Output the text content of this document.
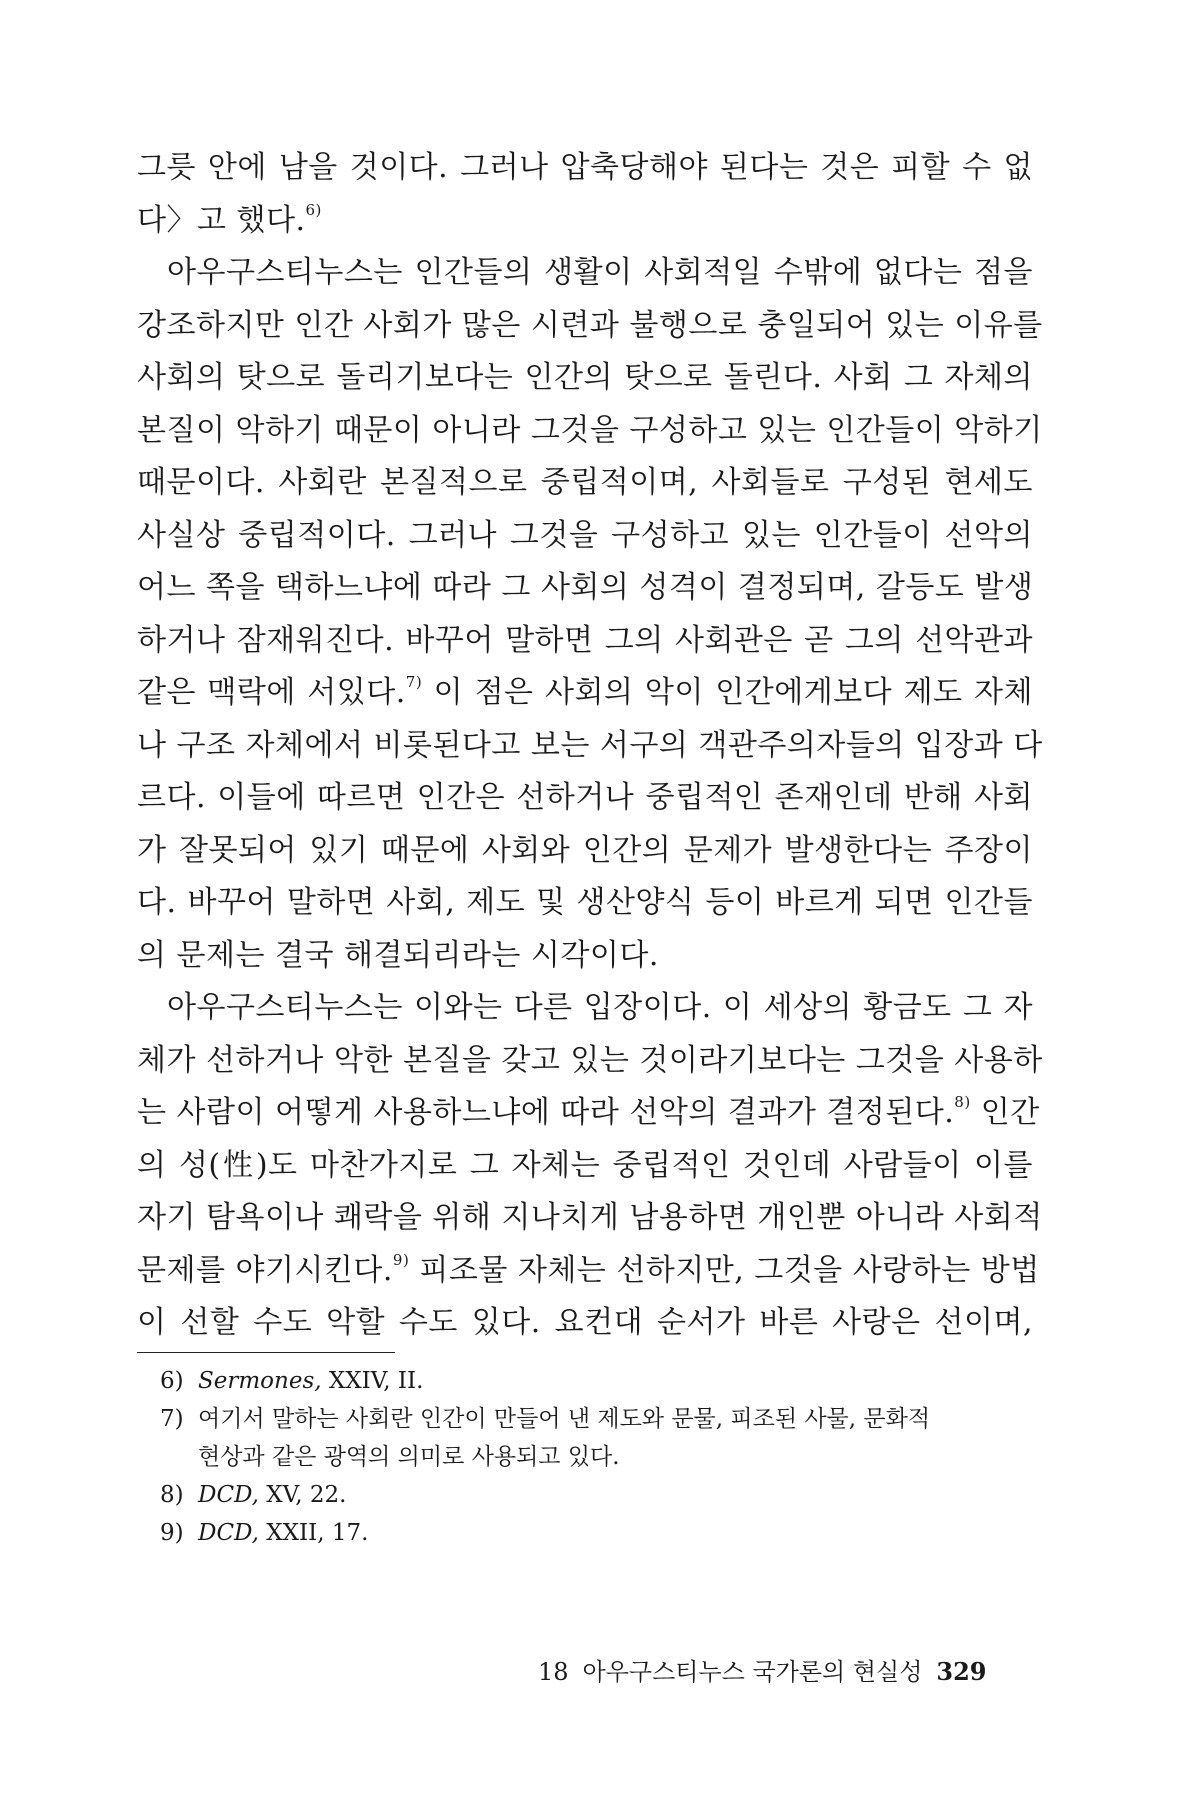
그릇 안에 남을 것이다. 그러나 압축당해야 된다는 것은 피할 수 없
다〉고 했다.$^{6)}$
아우구스티누스는 인간들의 생활이 사회적일 수밖에 없다는 점을
강조하지만 인간 사회가 많은 시련과 불행으로 충일되어 있는 이유를
사회의 탓으로 돌리기보다는 인간의 탓으로 돌린다. 사회 그 자체의
본질이 악하기 때문이 아니라 그것을 구성하고 있는 인간들이 악하기
때문이다. 사회란 본질적으로 중립적이며, 사회들로 구성된 현세도
사실상 중립적이다. 그러나 그것을 구성하고 있는 인간들이 선악의
어느 쪽을 택하느냐에 따라 그 사회의 성격이 결정되며, 갈등도 발생
하거나 잠재워진다. 바꾸어 말하면 그의 사회관은 곧 그의 선악관과
같은 맥락에 서있다.$^{7)}$ 이 점은 사회의 악이 인간에게보다 제도 자체
나 구조 자체에서 비롯된다고 보는 서구의 객관주의자들의 입장과 다
르다. 이들에 따르면 인간은 선하거나 중립적인 존재인데 반해 사회
가 잘못되어 있기 때문에 사회와 인간의 문제가 발생한다는 주장이
다. 바꾸어 말하면 사회, 제도 및 생산양식 등이 바르게 되면 인간들
의 문제는 결국 해결되리라는 시각이다.
아우구스티누스는 이와는 다른 입장이다. 이 세상의 황금도 그 자
체가 선하거나 악한 본질을 갖고 있는 것이라기보다는 그것을 사용하
는 사람이 어떻게 사용하느냐에 따라 선악의 결과가 결정된다.$^{8)}$ 인간
의 성(性)도 마찬가지로 그 자체는 중립적인 것인데 사람들이 이를
자기 탐욕이나 쾌락을 위해 지나치게 남용하면 개인뿐 아니라 사회적
문제를 야기시킨다.$^{9)}$ 피조물 자체는 선하지만, 그것을 사랑하는 방법
이 선할 수도 악할 수도 있다. 요컨대 순서가 바른 사랑은 선이며,
6) Sermones, XXIV, II.
7) 여기서 말하는 사회란 인간이 만들어 낸 제도와 문물, 피조된 사물, 문화적
현상과 같은 광역의 의미로 사용되고 있다.
8) DCD, XV, 22.
9) DCD, XXII, 17.
18 아우구스티누스 국가론의 현실성 329
